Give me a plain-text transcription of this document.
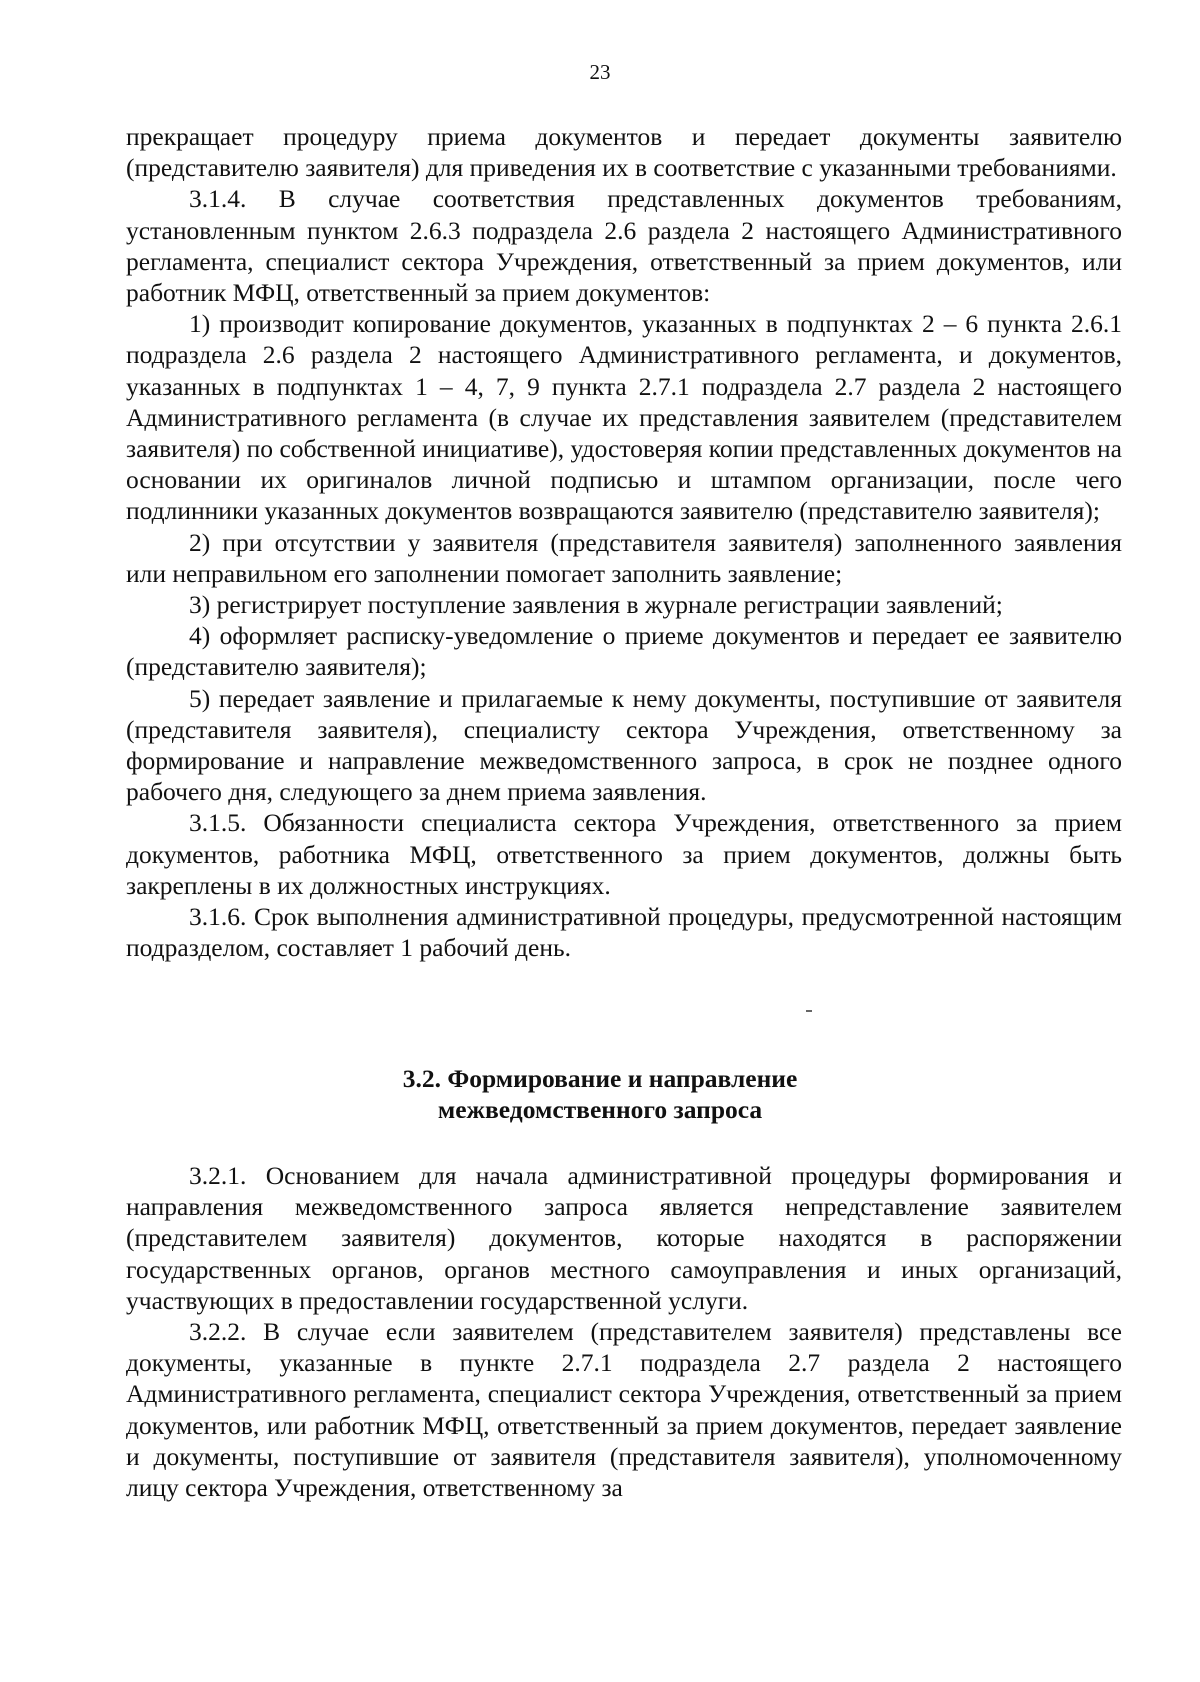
23

прекращает процедуру приема документов и передает документы заявителю (представителю заявителя) для приведения их в соответствие с указанными требованиями.

3.1.4. В случае соответствия представленных документов требованиям, установленным пунктом 2.6.3 подраздела 2.6 раздела 2 настоящего Административного регламента, специалист сектора Учреждения, ответственный за прием документов, или работник МФЦ, ответственный за прием документов:

1) производит копирование документов, указанных в подпунктах 2 – 6 пункта 2.6.1 подраздела 2.6 раздела 2 настоящего Административного регламента, и документов, указанных в подпунктах 1 – 4, 7, 9 пункта 2.7.1 подраздела 2.7 раздела 2 настоящего Административного регламента (в случае их представления заявителем (представителем заявителя) по собственной инициативе), удостоверяя копии представленных документов на основании их оригиналов личной подписью и штампом организации, после чего подлинники указанных документов возвращаются заявителю (представителю заявителя);

2) при отсутствии у заявителя (представителя заявителя) заполненного заявления или неправильном его заполнении помогает заполнить заявление;

3) регистрирует поступление заявления в журнале регистрации заявлений;

4) оформляет расписку-уведомление о приеме документов и передает ее заявителю (представителю заявителя);

5) передает заявление и прилагаемые к нему документы, поступившие от заявителя (представителя заявителя), специалисту сектора Учреждения, ответственному за формирование и направление межведомственного запроса, в срок не позднее одного рабочего дня, следующего за днем приема заявления.

3.1.5. Обязанности специалиста сектора Учреждения, ответственного за прием документов, работника МФЦ, ответственного за прием документов, должны быть закреплены в их должностных инструкциях.

3.1.6. Срок выполнения административной процедуры, предусмотренной настоящим подразделом, составляет 1 рабочий день.

3.2. Формирование и направление
межведомственного запроса

3.2.1. Основанием для начала административной процедуры формирования и направления межведомственного запроса является непредставление заявителем (представителем заявителя) документов, которые находятся в распоряжении государственных органов, органов местного самоуправления и иных организаций, участвующих в предоставлении государственной услуги.

3.2.2. В случае если заявителем (представителем заявителя) представлены все документы, указанные в пункте 2.7.1 подраздела 2.7 раздела 2 настоящего Административного регламента, специалист сектора Учреждения, ответственный за прием документов, или работник МФЦ, ответственный за прием документов, передает заявление и документы, поступившие от заявителя (представителя заявителя), уполномоченному лицу сектора Учреждения, ответственному за
